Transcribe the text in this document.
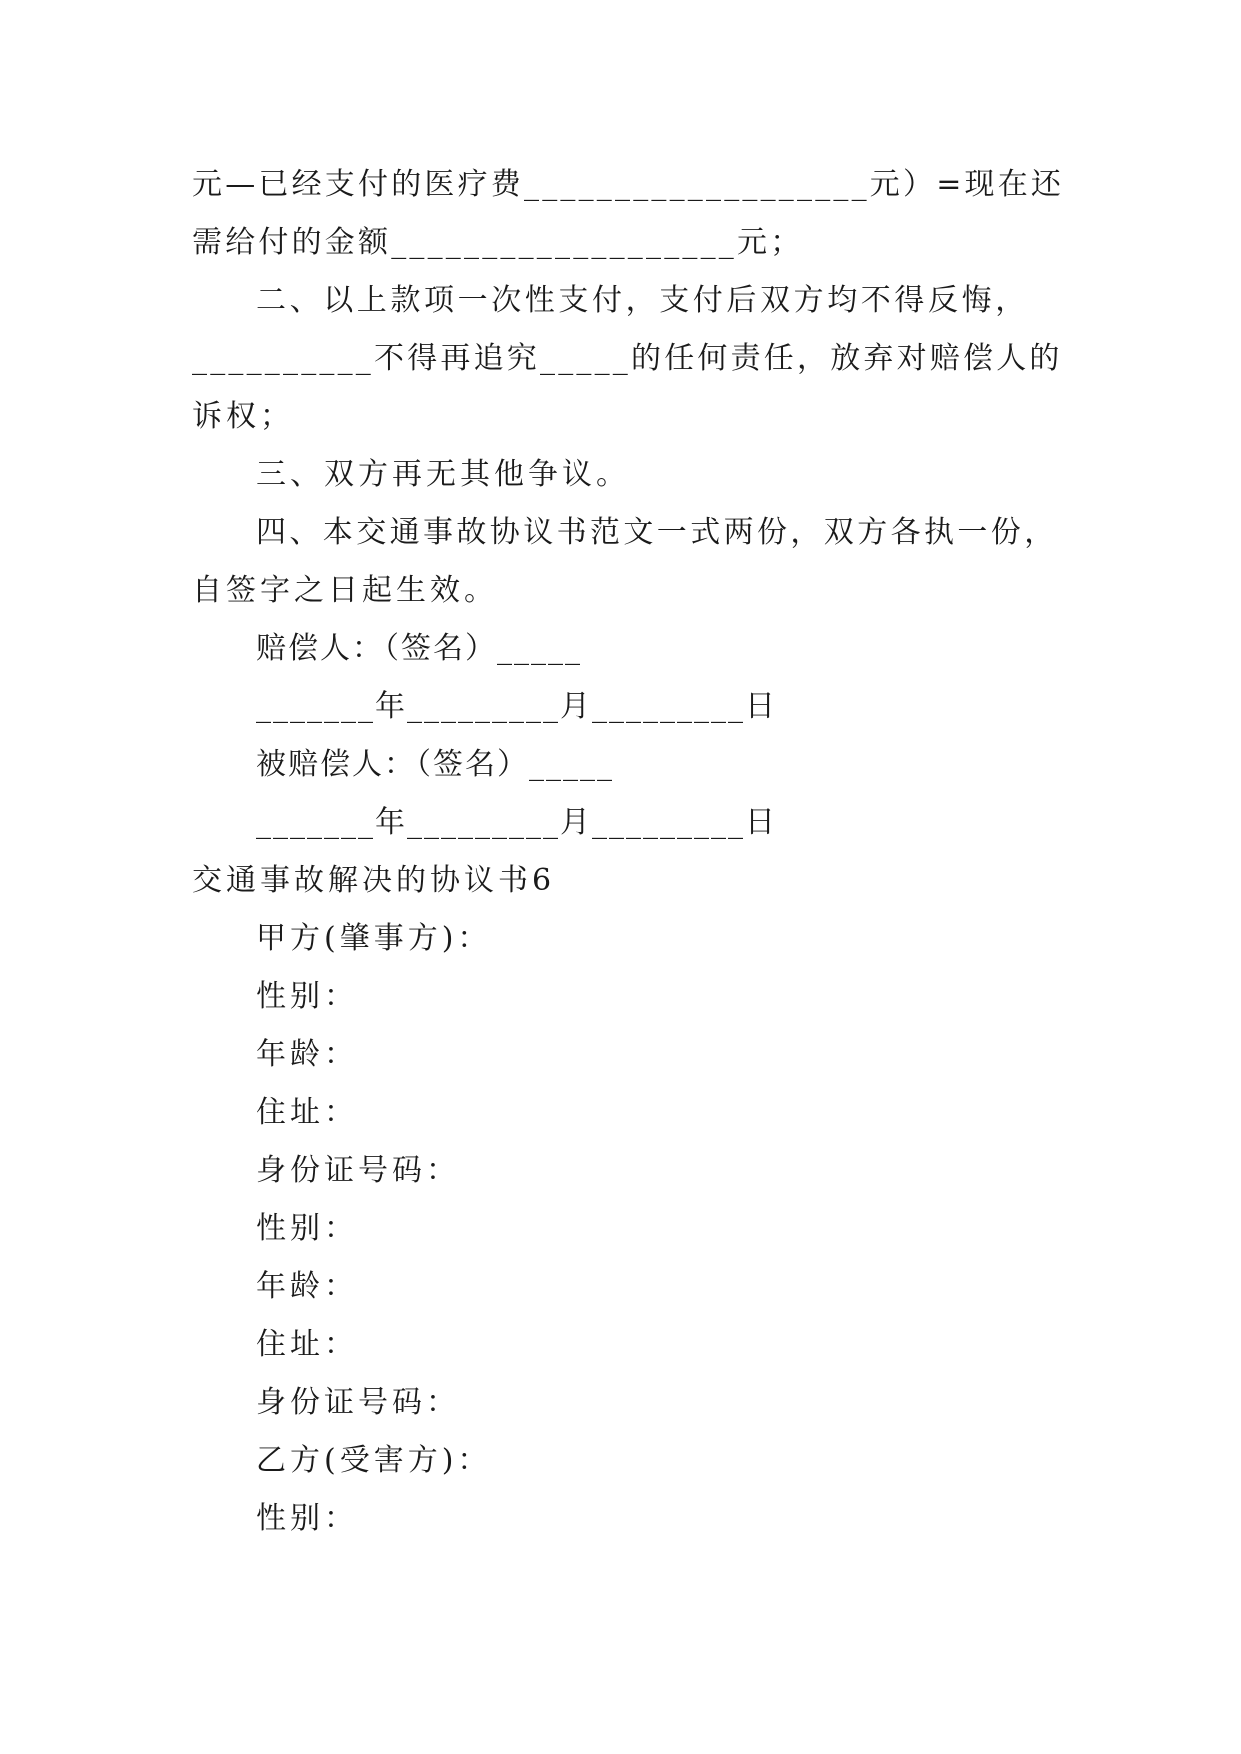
元—已经支付的医疗费___________________元）=现在还
需给付的金额___________________元；
二、以上款项一次性支付，支付后双方均不得反悔，
__________不得再追究_____的任何责任，放弃对赔偿人的
诉权；
三、双方再无其他争议。
四、本交通事故协议书范文一式两份，双方各执一份，
自签字之日起生效。
赔偿人：（签名）_____
_______年_________月_________日
被赔偿人：（签名）_____
_______年_________月_________日
交通事故解决的协议书6
甲方(肇事方)：
性别：
年龄：
住址：
身份证号码：
性别：
年龄：
住址：
身份证号码：
乙方(受害方)：
性别：
